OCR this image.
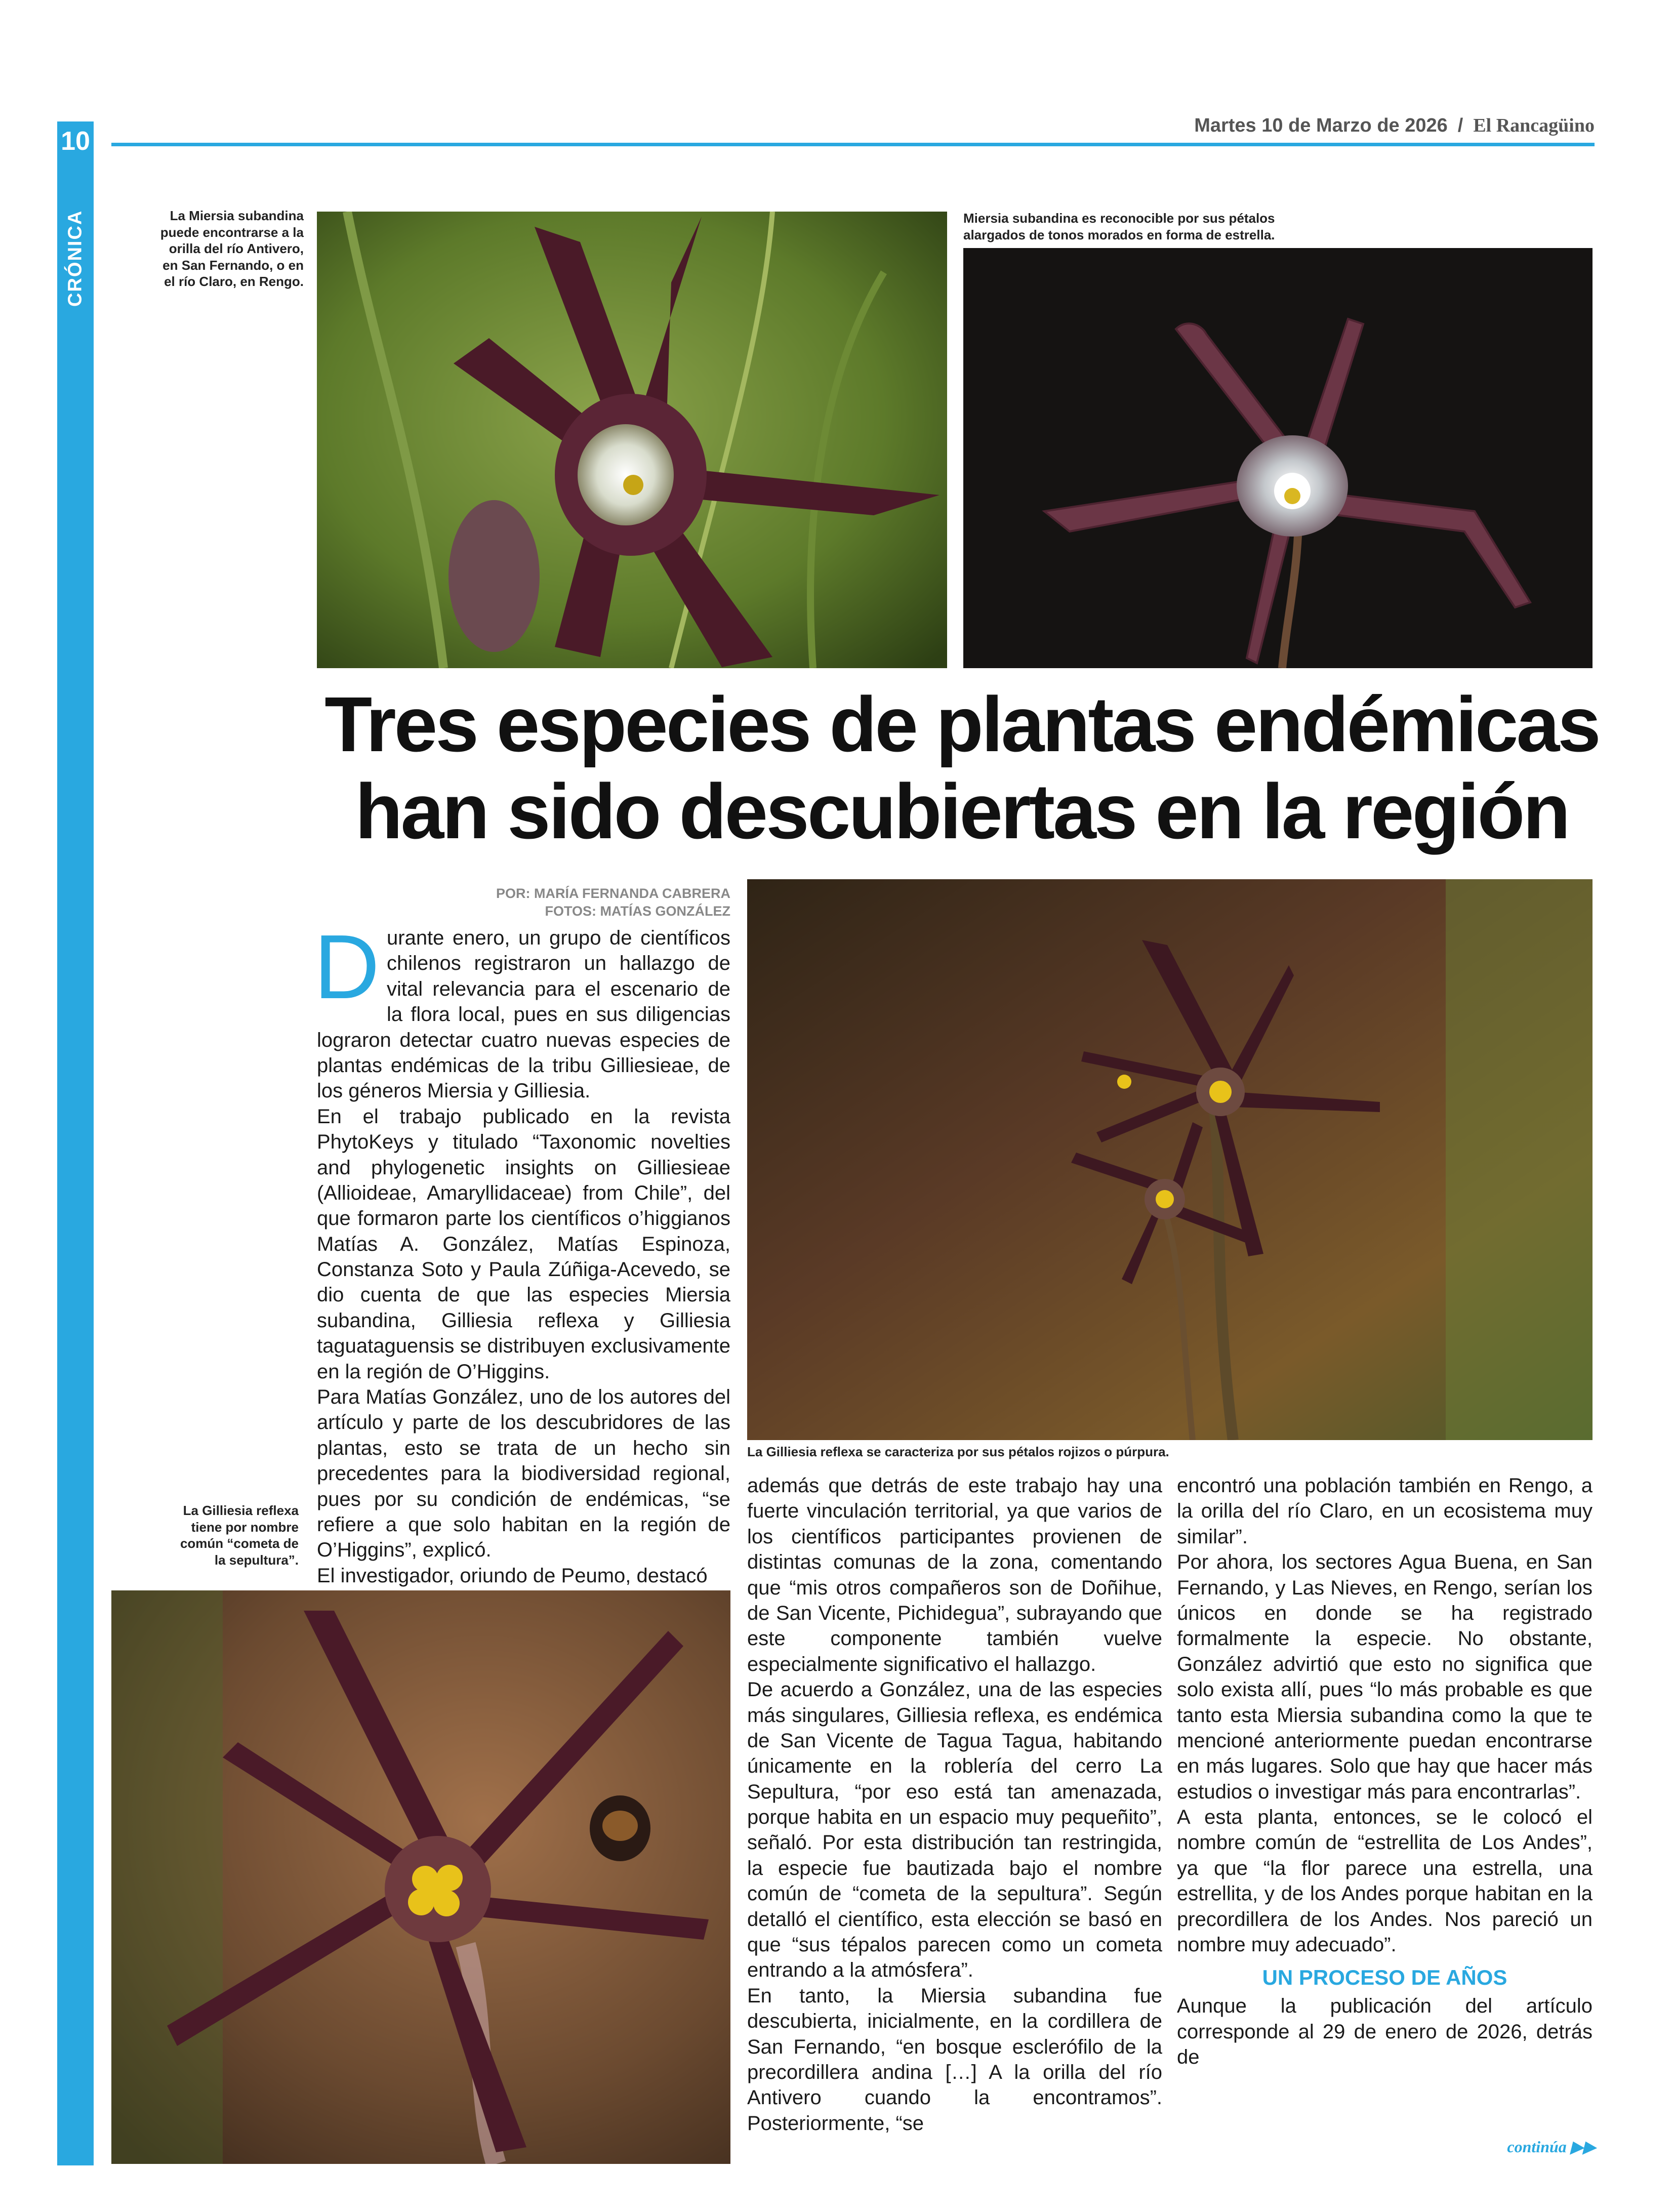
10
CRÓNICA
Martes 10 de Marzo de 2026 / El Rancagüino
La Miersia subandina puede encontrarse a la orilla del río Antivero, en San Fernando, o en el río Claro, en Rengo.
Miersia subandina es reconocible por sus pétalos alargados de tonos morados en forma de estrella.
Tres especies de plantas endémicas
han sido descubiertas en la región
POR: MARÍA FERNANDA CABRERA
FOTOS: MATÍAS GONZÁLEZ

Durante enero, un grupo de científicos chilenos registraron un hallazgo de vital relevancia para el escenario de la flora local, pues en sus diligencias lograron detectar cuatro nuevas especies de plantas endémicas de la tribu Gilliesieae, de los géneros Miersia y Gilliesia.

En el trabajo publicado en la revista PhytoKeys y titulado “Taxonomic novelties and phylogenetic insights on Gilliesieae (Allioideae, Amaryllidaceae) from Chile”, del que formaron parte los científicos o’higgianos Matías A. González, Matías Espinoza, Constanza Soto y Paula Zúñiga-Acevedo, se dio cuenta de que las especies Miersia subandina, Gilliesia reflexa y Gilliesia taguataguensis se distribuyen exclusivamente en la región de O’Higgins.

Para Matías González, uno de los autores del artículo y parte de los descubridores de las plantas, esto se trata de un hecho sin precedentes para la biodiversidad regional, pues por su condición de endémicas, “se refiere a que solo habitan en la región de O’Higgins”, explicó.

El investigador, oriundo de Peumo, destacó

La Gilliesia reflexa se caracteriza por sus pétalos rojizos o púrpura.

además que detrás de este trabajo hay una fuerte vinculación territorial, ya que varios de los científicos participantes provienen de distintas comunas de la zona, comentando que “mis otros compañeros son de Doñihue, de San Vicente, Pichidegua”, subrayando que este componente también vuelve especialmente significativo el hallazgo.

De acuerdo a González, una de las especies más singulares, Gilliesia reflexa, es endémica de San Vicente de Tagua Tagua, habitando únicamente en la roblería del cerro La Sepultura, “por eso está tan amenazada, porque habita en un espacio muy pequeñito”, señaló. Por esta distribución tan restringida, la especie fue bautizada bajo el nombre común de “cometa de la sepultura”. Según detalló el científico, esta elección se basó en que “sus tépalos parecen como un cometa entrando a la atmósfera”.

En tanto, la Miersia subandina fue descubierta, inicialmente, en la cordillera de San Fernando, “en bosque esclerófilo de la precordillera andina […] A la orilla del río Antivero cuando la encontramos”. Posteriormente, “se

encontró una población también en Rengo, a la orilla del río Claro, en un ecosistema muy similar”.

Por ahora, los sectores Agua Buena, en San Fernando, y Las Nieves, en Rengo, serían los únicos en donde se ha registrado formalmente la especie. No obstante, González advirtió que esto no significa que solo exista allí, pues “lo más probable es que tanto esta Miersia subandina como la que te mencioné anteriormente puedan encontrarse en más lugares. Solo que hay que hacer más estudios o investigar más para encontrarlas”.

A esta planta, entonces, se le colocó el nombre común de “estrellita de Los Andes”, ya que “la flor parece una estrella, una estrellita, y de los Andes porque habitan en la precordillera de los Andes. Nos pareció un nombre muy adecuado”.

UN PROCESO DE AÑOS

Aunque la publicación del artículo corresponde al 29 de enero de 2026, detrás de

La Gilliesia reflexa tiene por nombre común “cometa de la sepultura”.
continúa ▶▶
